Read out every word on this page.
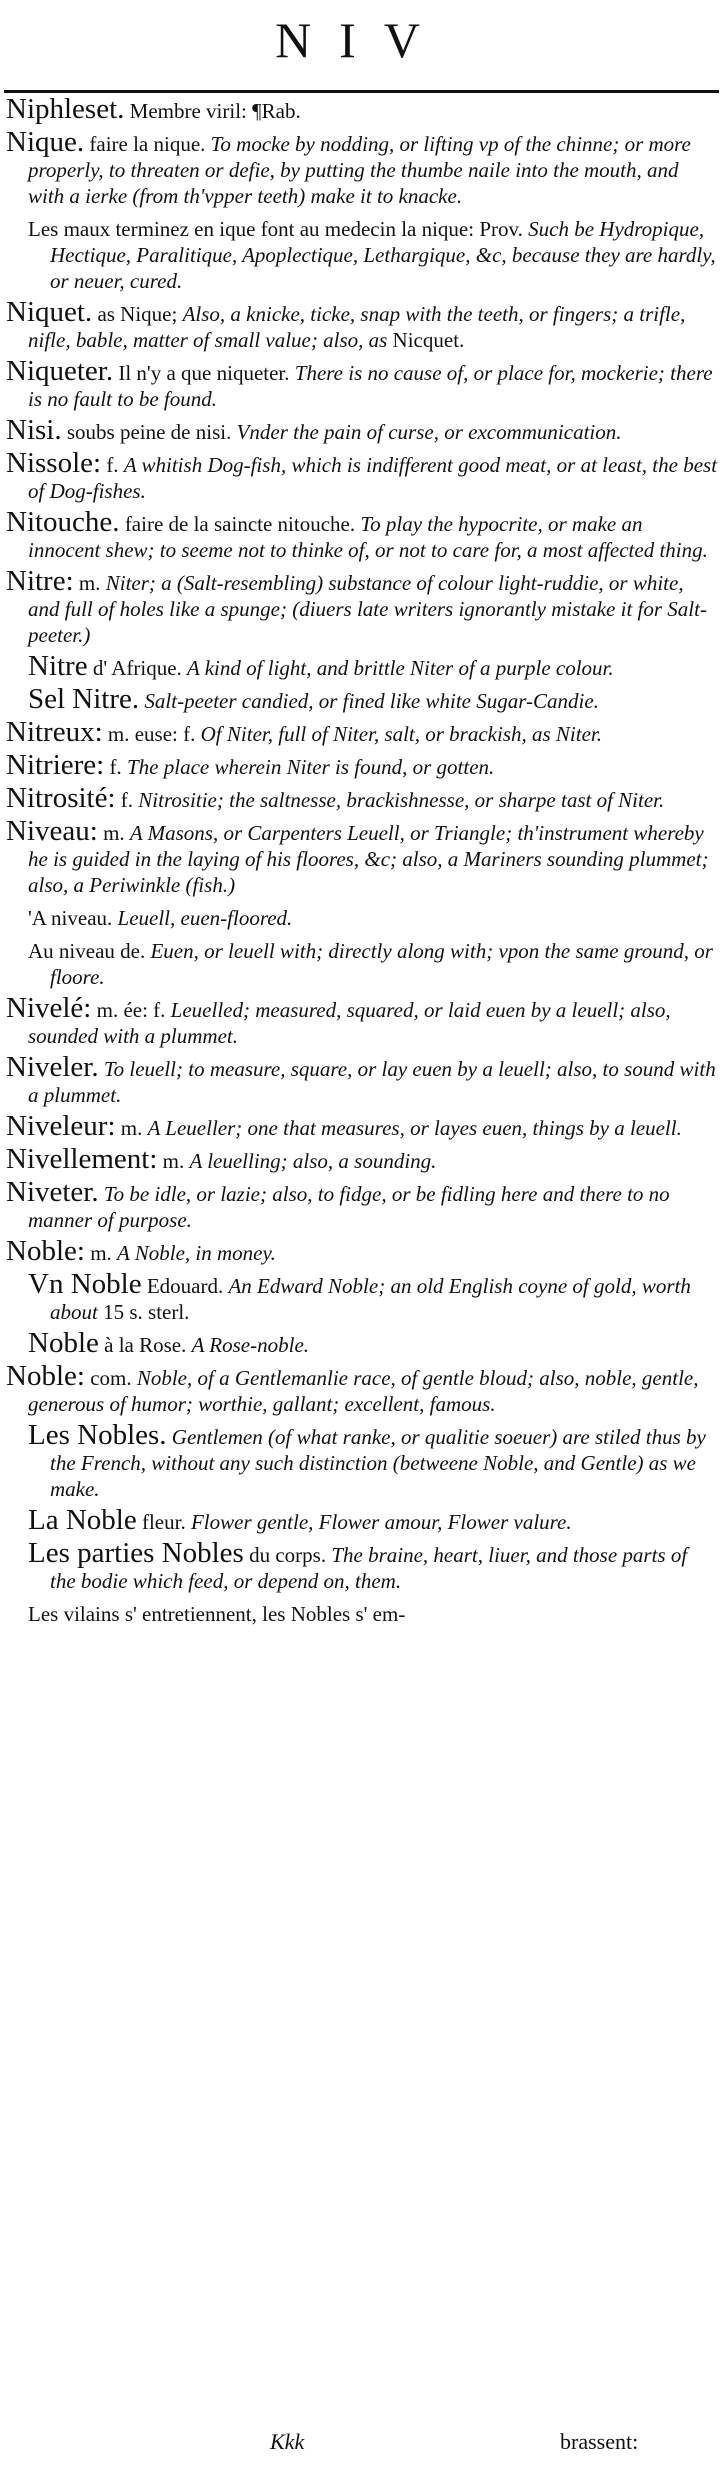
NIV

Niphleset. Membre viril: ¶Rab.

Nique. faire la nique. To mocke by nodding, or lifting vp of the chinne; or more properly, to threaten or defie, by putting the thumbe naile into the mouth, and with a ierke (from th'vpper teeth) make it to knacke.

Les maux terminez en ique font au medecin la nique: Prov. Such be Hydropique, Hectique, Paralitique, Apoplectique, Lethargique, &c, because they are hardly, or neuer, cured.

Niquet. as Nique; Also, a knicke, ticke, snap with the teeth, or fingers; a trifle, nifle, bable, matter of small value; also, as Nicquet.

Niqueter. Il n'y a que niqueter. There is no cause of, or place for, mockerie; there is no fault to be found.

Nisi. soubs peine de nisi. Vnder the pain of curse, or excommunication.

Nissole: f. A whitish Dog-fish, which is indifferent good meat, or at least, the best of Dog-fishes.

Nitouche. faire de la saincte nitouche. To play the hypocrite, or make an innocent shew; to seeme not to thinke of, or not to care for, a most affected thing.

Nitre: m. Niter; a (Salt-resembling) substance of colour light-ruddie, or white, and full of holes like a spunge; (diuers late writers ignorantly mistake it for Salt-peeter.)

Nitre d' Afrique. A kind of light, and brittle Niter of a purple colour.

Sel Nitre. Salt-peeter candied, or fined like white Sugar-Candie.

Nitreux: m. euse: f. Of Niter, full of Niter, salt, or brackish, as Niter.

Nitriere: f. The place wherein Niter is found, or gotten.

Nitrosité: f. Nitrositie; the saltnesse, brackishnesse, or sharpe tast of Niter.

Niveau: m. A Masons, or Carpenters Leuell, or Triangle; th'instrument whereby he is guided in the laying of his floores, &c; also, a Mariners sounding plummet; also, a Periwinkle (fish.)

'A niveau. Leuell, euen-floored.

Au niveau de. Euen, or leuell with; directly along with; vpon the same ground, or floore.

Nivelé: m. ée: f. Leuelled; measured, squared, or laid euen by a leuell; also, sounded with a plummet.

Niveler. To leuell; to measure, square, or lay euen by a leuell; also, to sound with a plummet.

Niveleur: m. A Leueller; one that measures, or layes euen, things by a leuell.

Nivellement: m. A leuelling; also, a sounding.

Niveter. To be idle, or lazie; also, to fidge, or be fidling here and there to no manner of purpose.

Noble: m. A Noble, in money.

Vn Noble Edouard. An Edward Noble; an old English coyne of gold, worth about 15 s. sterl.

Noble à la Rose. A Rose-noble.

Noble: com. Noble, of a Gentlemanlie race, of gentle bloud; also, noble, gentle, generous of humor; worthie, gallant; excellent, famous.

Les Nobles. Gentlemen (of what ranke, or qualitie soeuer) are stiled thus by the French, without any such distinction (betweene Noble, and Gentle) as we make.

La Noble fleur. Flower gentle, Flower amour, Flower valure.

Les parties Nobles du corps. The braine, heart, liuer, and those parts of the bodie which feed, or depend on, them.

Les vilains s' entretiennent, les Nobles s' em-

Kkk	brassent:
